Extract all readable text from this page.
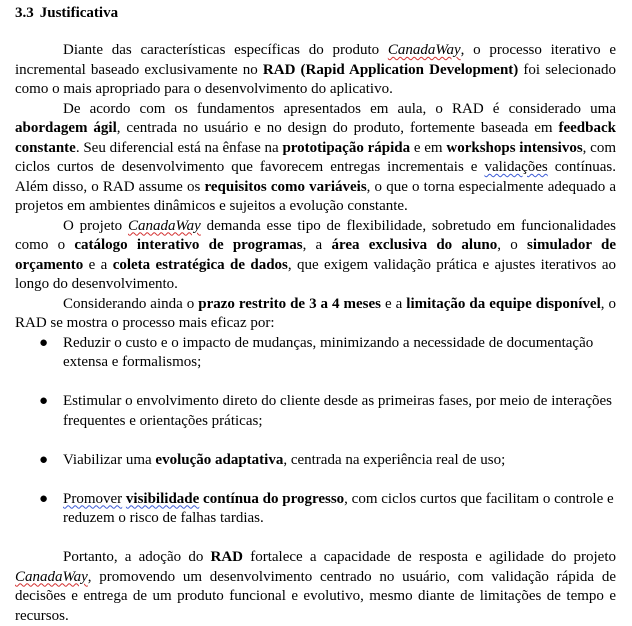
3.3 Justificativa

Diante das características específicas do produto CanadaWay, o processo iterativo e incremental baseado exclusivamente no RAD (Rapid Application Development) foi selecionado como o mais apropriado para o desenvolvimento do aplicativo.

De acordo com os fundamentos apresentados em aula, o RAD é considerado uma abordagem ágil, centrada no usuário e no design do produto, fortemente baseada em feedback constante. Seu diferencial está na ênfase na prototipação rápida e em workshops intensivos, com ciclos curtos de desenvolvimento que favorecem entregas incrementais e validações contínuas. Além disso, o RAD assume os requisitos como variáveis, o que o torna especialmente adequado a projetos em ambientes dinâmicos e sujeitos a evolução constante.

O projeto CanadaWay demanda esse tipo de flexibilidade, sobretudo em funcionalidades como o catálogo interativo de programas, a área exclusiva do aluno, o simulador de orçamento e a coleta estratégica de dados, que exigem validação prática e ajustes iterativos ao longo do desenvolvimento.

Considerando ainda o prazo restrito de 3 a 4 meses e a limitação da equipe disponível, o RAD se mostra o processo mais eficaz por:

● Reduzir o custo e o impacto de mudanças, minimizando a necessidade de documentação extensa e formalismos;
● Estimular o envolvimento direto do cliente desde as primeiras fases, por meio de interações frequentes e orientações práticas;
● Viabilizar uma evolução adaptativa, centrada na experiência real de uso;
● Promover visibilidade contínua do progresso, com ciclos curtos que facilitam o controle e reduzem o risco de falhas tardias.

Portanto, a adoção do RAD fortalece a capacidade de resposta e agilidade do projeto CanadaWay, promovendo um desenvolvimento centrado no usuário, com validação rápida de decisões e entrega de um produto funcional e evolutivo, mesmo diante de limitações de tempo e recursos.
